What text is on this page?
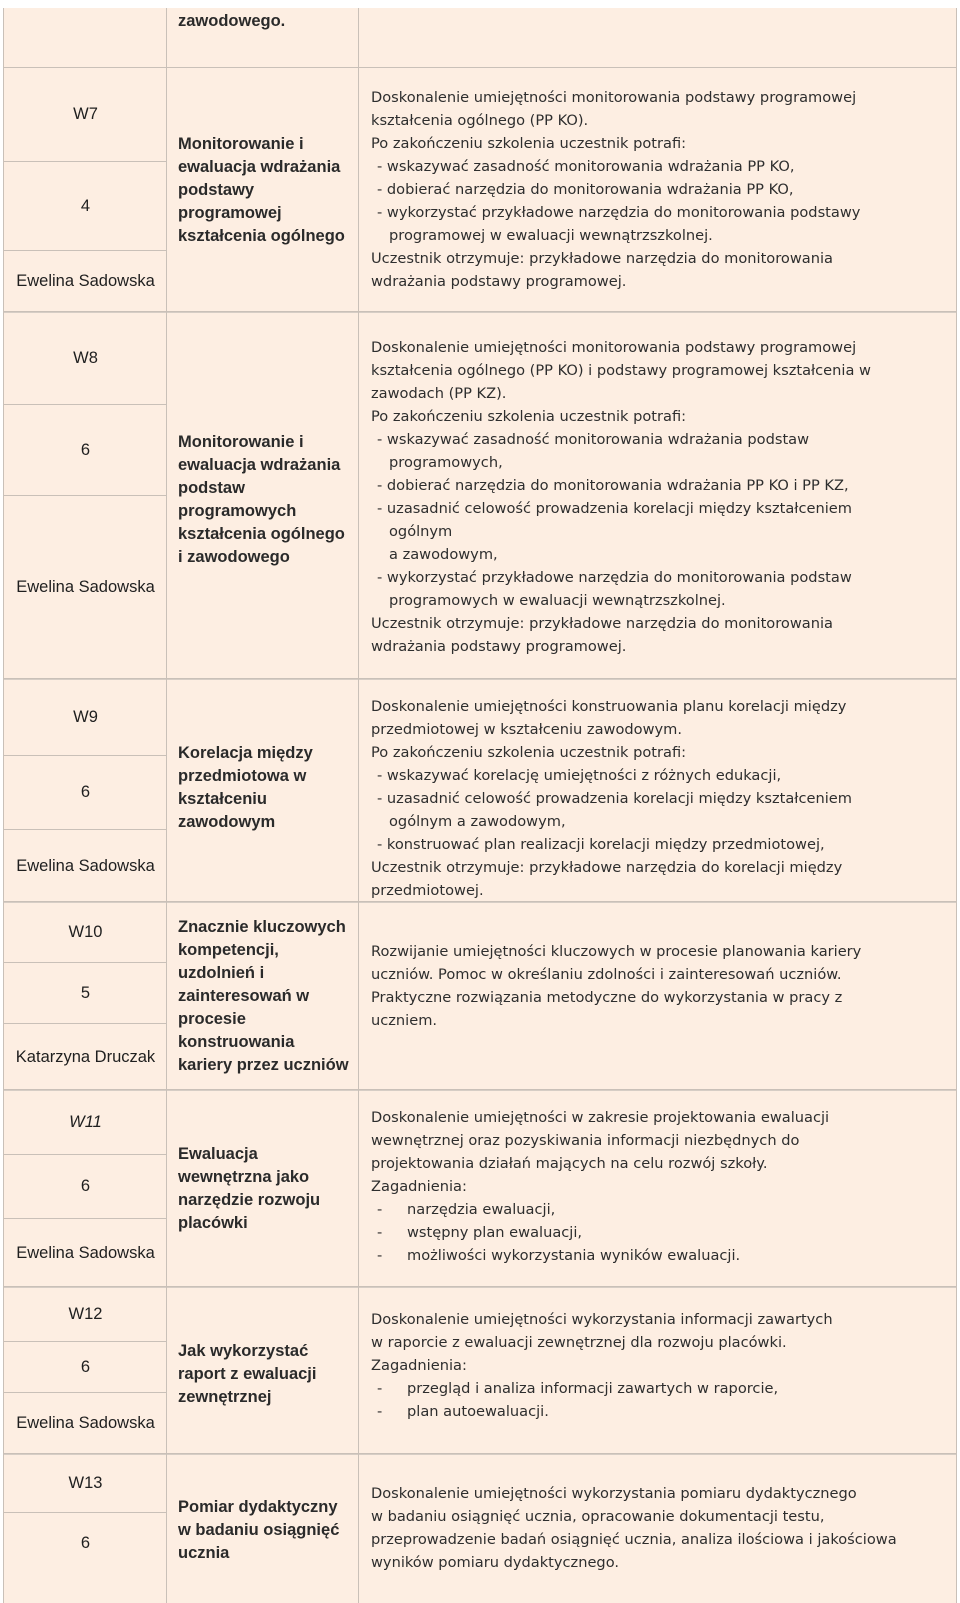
zawodowego.
W7
4
Ewelina Sadowska
Monitorowanie i ewaluacja wdrażania podstawy programowej kształcenia ogólnego
Doskonalenie umiejętności monitorowania podstawy programowej
kształcenia ogólnego (PP KO).
Po zakończeniu szkolenia uczestnik potrafi:
- wskazywać zasadność monitorowania wdrażania PP KO,
- dobierać narzędzia do monitorowania wdrażania PP KO,
- wykorzystać przykładowe narzędzia do monitorowania podstawy
programowej w ewaluacji wewnątrzszkolnej.
Uczestnik otrzymuje: przykładowe narzędzia do monitorowania
wdrażania podstawy programowej.
W8
6
Ewelina Sadowska
Monitorowanie i ewaluacja wdrażania podstaw programowych kształcenia ogólnego i zawodowego
Doskonalenie umiejętności monitorowania podstawy programowej
kształcenia ogólnego (PP KO) i podstawy programowej kształcenia w
zawodach (PP KZ).
Po zakończeniu szkolenia uczestnik potrafi:
- wskazywać zasadność monitorowania wdrażania podstaw
programowych,
- dobierać narzędzia do monitorowania wdrażania PP KO i PP KZ,
- uzasadnić celowość prowadzenia korelacji między kształceniem
ogólnym
a zawodowym,
- wykorzystać przykładowe narzędzia do monitorowania podstaw
programowych w ewaluacji wewnątrzszkolnej.
Uczestnik otrzymuje: przykładowe narzędzia do monitorowania
wdrażania podstawy programowej.
W9
6
Ewelina Sadowska
Korelacja między przedmiotowa w kształceniu zawodowym
Doskonalenie umiejętności konstruowania planu korelacji między
przedmiotowej w kształceniu zawodowym.
Po zakończeniu szkolenia uczestnik potrafi:
- wskazywać korelację umiejętności z różnych edukacji,
- uzasadnić celowość prowadzenia korelacji między kształceniem
ogólnym a zawodowym,
- konstruować plan realizacji korelacji między przedmiotowej,
Uczestnik otrzymuje: przykładowe narzędzia do korelacji między
przedmiotowej.
W10
5
Katarzyna Druczak
Znacznie kluczowych kompetencji, uzdolnień i zainteresowań w procesie konstruowania kariery przez uczniów
Rozwijanie umiejętności kluczowych w procesie planowania kariery
uczniów. Pomoc w określaniu zdolności i zainteresowań uczniów.
Praktyczne rozwiązania metodyczne do wykorzystania w pracy z
uczniem.
W11
6
Ewelina Sadowska
Ewaluacja wewnętrzna jako narzędzie rozwoju placówki
Doskonalenie umiejętności w zakresie projektowania ewaluacji
wewnętrznej oraz pozyskiwania informacji niezbędnych do
projektowania działań mających na celu rozwój szkoły.
Zagadnienia:
- narzędzia ewaluacji,
- wstępny plan ewaluacji,
- możliwości wykorzystania wyników ewaluacji.
W12
6
Ewelina Sadowska
Jak wykorzystać raport z ewaluacji zewnętrznej
Doskonalenie umiejętności wykorzystania informacji zawartych
w raporcie z ewaluacji zewnętrznej dla rozwoju placówki.
Zagadnienia:
- przegląd i analiza informacji zawartych w raporcie,
- plan autoewaluacji.
W13
6
Pomiar dydaktyczny w badaniu osiągnięć ucznia
Doskonalenie umiejętności wykorzystania pomiaru dydaktycznego
w badaniu osiągnięć ucznia, opracowanie dokumentacji testu,
przeprowadzenie badań osiągnięć ucznia, analiza ilościowa i jakościowa
wyników pomiaru dydaktycznego.
